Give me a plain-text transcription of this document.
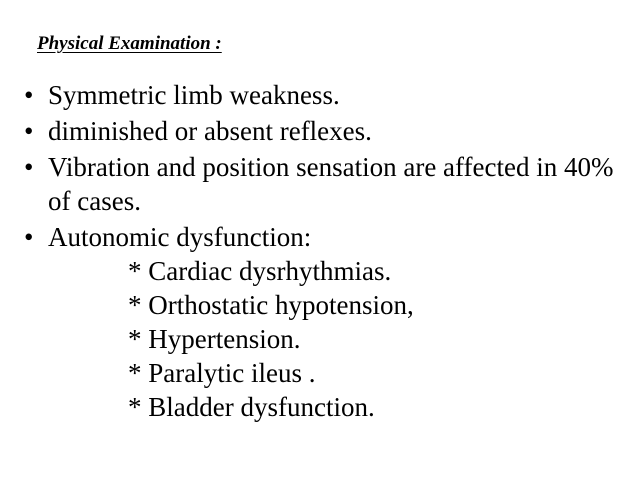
Physical Examination :
• Symmetric limb weakness.
• diminished or absent reflexes.
• Vibration and position sensation are affected in 40% of cases.
• Autonomic dysfunction:
* Cardiac dysrhythmias.
* Orthostatic hypotension,
* Hypertension.
* Paralytic ileus .
* Bladder dysfunction.
